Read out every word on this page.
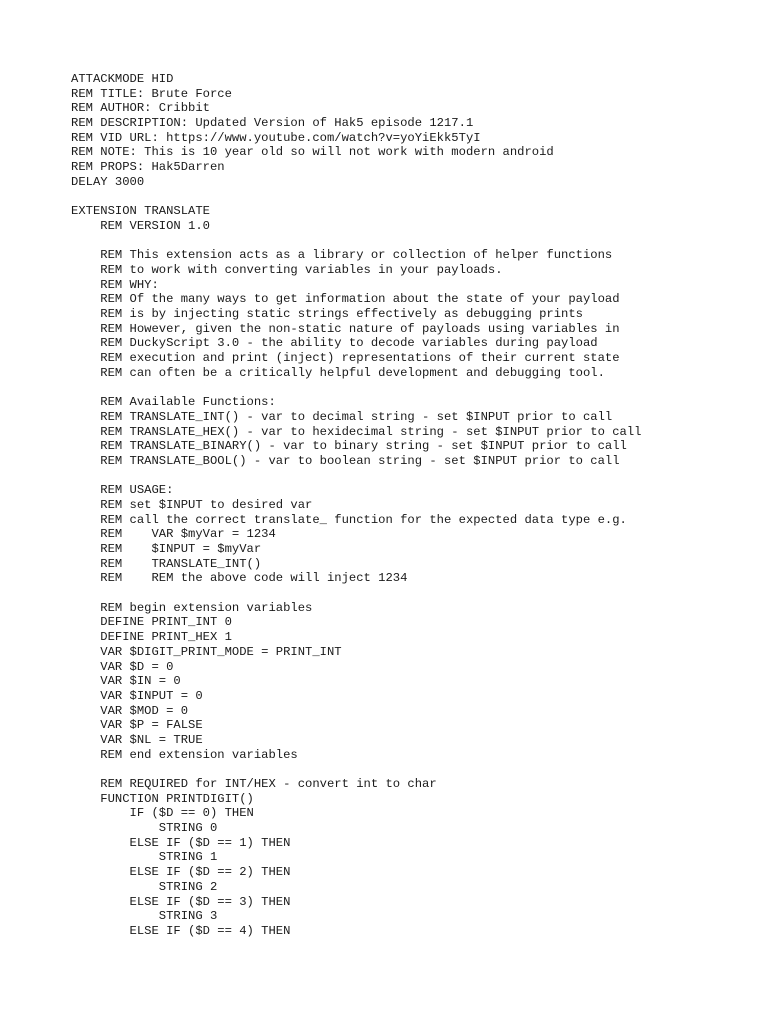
ATTACKMODE HID
REM TITLE: Brute Force
REM AUTHOR: Cribbit
REM DESCRIPTION: Updated Version of Hak5 episode 1217.1
REM VID URL: https://www.youtube.com/watch?v=yoYiEkk5TyI
REM NOTE: This is 10 year old so will not work with modern android
REM PROPS: Hak5Darren
DELAY 3000
EXTENSION TRANSLATE
REM VERSION 1.0
REM This extension acts as a library or collection of helper functions
REM to work with converting variables in your payloads.
REM WHY:
REM Of the many ways to get information about the state of your payload
REM is by injecting static strings effectively as debugging prints
REM However, given the non-static nature of payloads using variables in
REM DuckyScript 3.0 - the ability to decode variables during payload
REM execution and print (inject) representations of their current state
REM can often be a critically helpful development and debugging tool.
REM Available Functions:
REM TRANSLATE_INT() - var to decimal string - set $INPUT prior to call
REM TRANSLATE_HEX() - var to hexidecimal string - set $INPUT prior to call
REM TRANSLATE_BINARY() - var to binary string - set $INPUT prior to call
REM TRANSLATE_BOOL() - var to boolean string - set $INPUT prior to call
REM USAGE:
REM set $INPUT to desired var
REM call the correct translate_ function for the expected data type e.g.
REM    VAR $myVar = 1234
REM    $INPUT = $myVar
REM    TRANSLATE_INT()
REM    REM the above code will inject 1234
REM begin extension variables
DEFINE PRINT_INT 0
DEFINE PRINT_HEX 1
VAR $DIGIT_PRINT_MODE = PRINT_INT
VAR $D = 0
VAR $IN = 0
VAR $INPUT = 0
VAR $MOD = 0
VAR $P = FALSE
VAR $NL = TRUE
REM end extension variables
REM REQUIRED for INT/HEX - convert int to char
FUNCTION PRINTDIGIT()
IF ($D == 0) THEN
STRING 0
ELSE IF ($D == 1) THEN
STRING 1
ELSE IF ($D == 2) THEN
STRING 2
ELSE IF ($D == 3) THEN
STRING 3
ELSE IF ($D == 4) THEN
